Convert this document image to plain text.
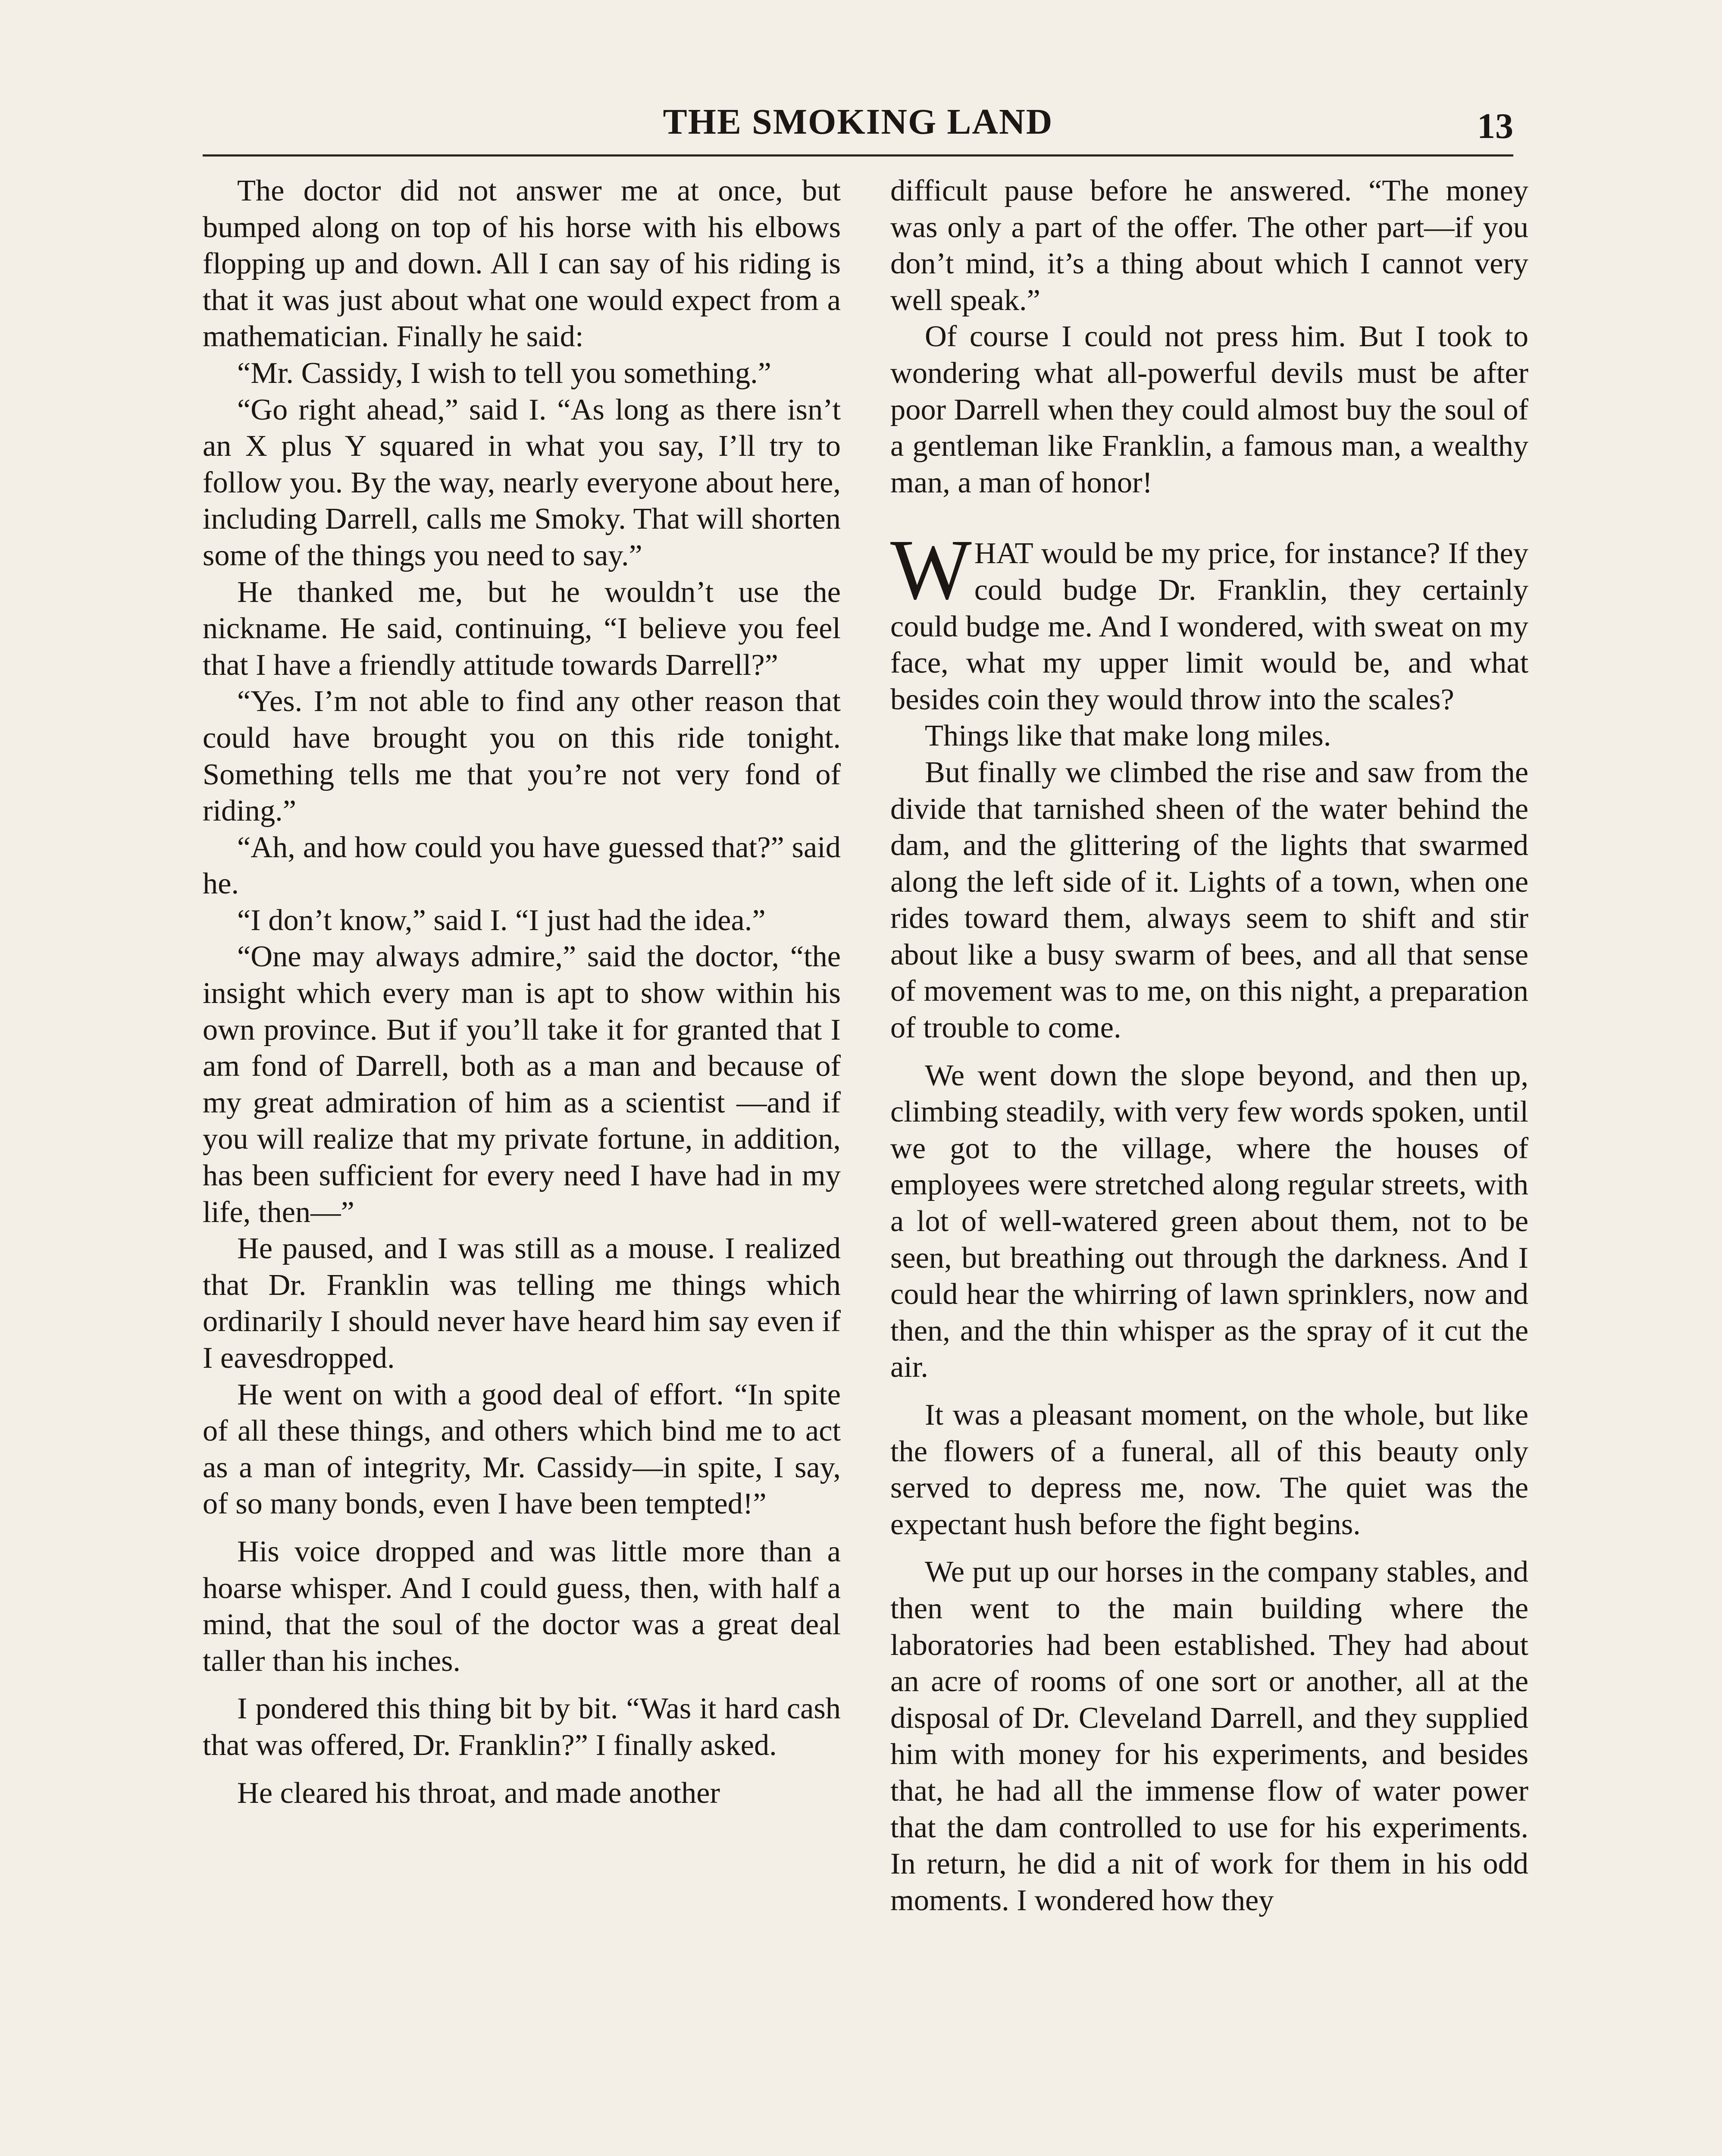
THE SMOKING LAND	13

The doctor did not answer me at once, but bumped along on top of his horse with his elbows flopping up and down. All I can say of his riding is that it was just about what one would expect from a mathematician. Finally he said:

“Mr. Cassidy, I wish to tell you something.”

“Go right ahead,” said I. “As long as there isn’t an X plus Y squared in what you say, I’ll try to follow you. By the way, nearly everyone about here, including Darrell, calls me Smoky. That will shorten some of the things you need to say.”

He thanked me, but he wouldn’t use the nickname. He said, continuing, “I believe you feel that I have a friendly attitude towards Darrell?”

“Yes. I’m not able to find any other reason that could have brought you on this ride tonight. Something tells me that you’re not very fond of riding.”

“Ah, and how could you have guessed that?” said he.

“I don’t know,” said I. “I just had the idea.”

“One may always admire,” said the doctor, “the insight which every man is apt to show within his own province. But if you’ll take it for granted that I am fond of Darrell, both as a man and because of my great admiration of him as a scientist —and if you will realize that my private fortune, in addition, has been sufficient for every need I have had in my life, then—”

He paused, and I was still as a mouse. I realized that Dr. Franklin was telling me things which ordinarily I should never have heard him say even if I eavesdropped.

He went on with a good deal of effort. “In spite of all these things, and others which bind me to act as a man of integrity, Mr. Cassidy—in spite, I say, of so many bonds, even I have been tempted!”

His voice dropped and was little more than a hoarse whisper. And I could guess, then, with half a mind, that the soul of the doctor was a great deal taller than his inches.

I pondered this thing bit by bit. “Was it hard cash that was offered, Dr. Franklin?” I finally asked.

He cleared his throat, and made another

difficult pause before he answered. “The money was only a part of the offer. The other part—if you don’t mind, it’s a thing about which I cannot very well speak.”

Of course I could not press him. But I took to wondering what all-powerful devils must be after poor Darrell when they could almost buy the soul of a gentleman like Franklin, a famous man, a wealthy man, a man of honor!

WHAT would be my price, for instance? If they could budge Dr. Franklin, they certainly could budge me. And I wondered, with sweat on my face, what my upper limit would be, and what besides coin they would throw into the scales?

Things like that make long miles.

But finally we climbed the rise and saw from the divide that tarnished sheen of the water behind the dam, and the glittering of the lights that swarmed along the left side of it. Lights of a town, when one rides toward them, always seem to shift and stir about like a busy swarm of bees, and all that sense of movement was to me, on this night, a preparation of trouble to come.

We went down the slope beyond, and then up, climbing steadily, with very few words spoken, until we got to the village, where the houses of employees were stretched along regular streets, with a lot of well-watered green about them, not to be seen, but breathing out through the darkness. And I could hear the whirring of lawn sprinklers, now and then, and the thin whisper as the spray of it cut the air.

It was a pleasant moment, on the whole, but like the flowers of a funeral, all of this beauty only served to depress me, now. The quiet was the expectant hush before the fight begins.

We put up our horses in the company stables, and then went to the main building where the laboratories had been established. They had about an acre of rooms of one sort or another, all at the disposal of Dr. Cleveland Darrell, and they supplied him with money for his experiments, and besides that, he had all the immense flow of water power that the dam controlled to use for his experiments. In return, he did a nit of work for them in his odd moments. I wondered how they
